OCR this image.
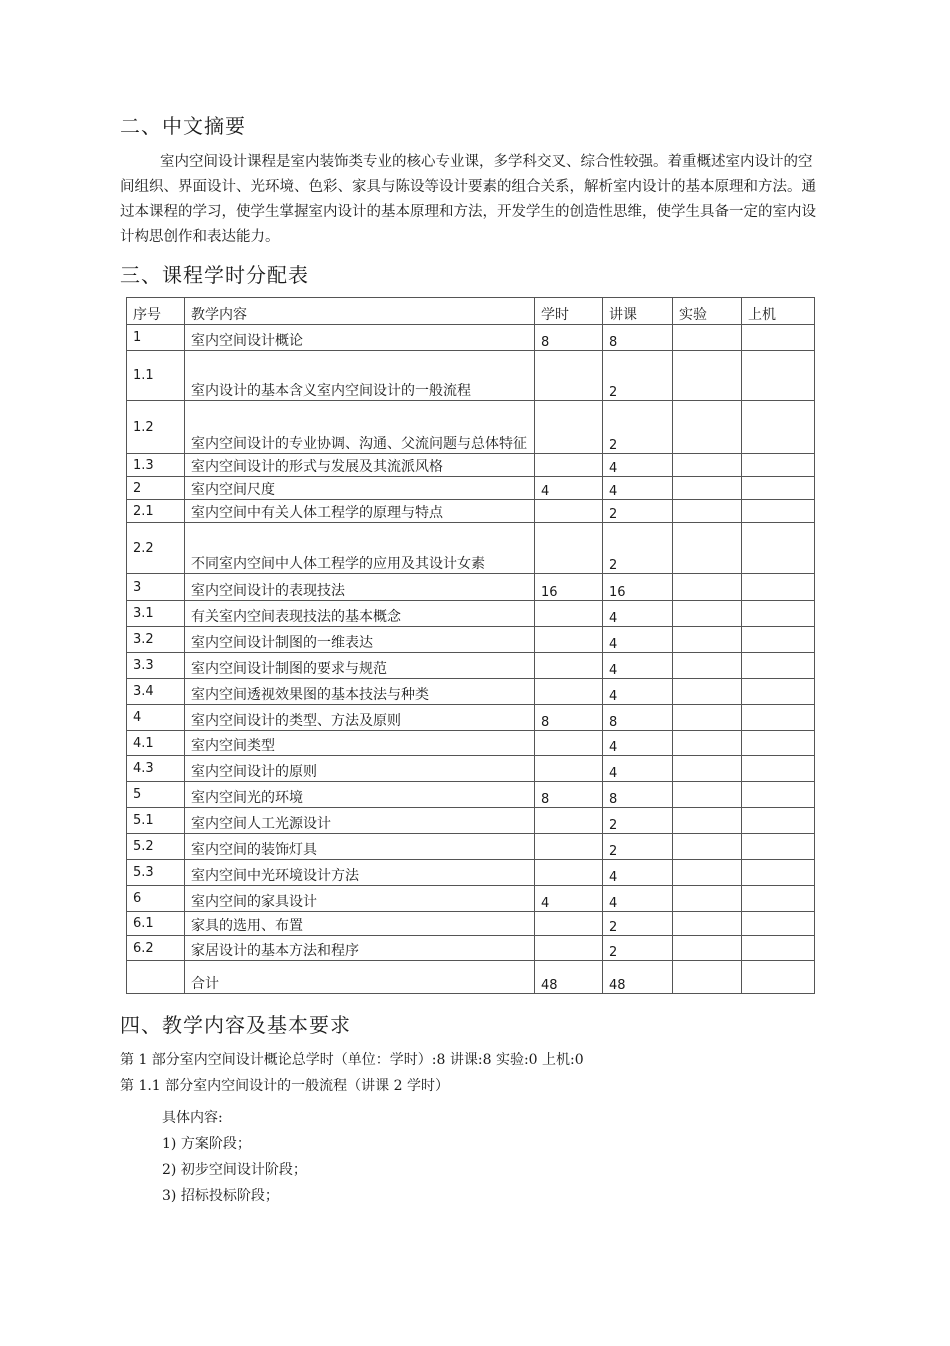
二、中文摘要

室内空间设计课程是室内装饰类专业的核心专业课，多学科交叉、综合性较强。着重概述室内设计的空间组织、界面设计、光环境、色彩、家具与陈设等设计要素的组合关系，解析室内设计的基本原理和方法。通过本课程的学习，使学生掌握室内设计的基本原理和方法，开发学生的创造性思维，使学生具备一定的室内设计构思创作和表达能力。

三、课程学时分配表
序号	教学内容	学时	讲课	实验	上机
1	室内空间设计概论	8	8		
1.1	室内设计的基本含义室内空间设计的一般流程		2		
1.2	室内空间设计的专业协调、沟通、父流问题与总体特征		2		
1.3	室内空间设计的形式与发展及其流派风格		4		
2	室内空间尺度	4	4		
2.1	室内空间中有关人体工程学的原理与特点		2		
2.2	不同室内空间中人体工程学的应用及其设计女素		2		
3	室内空间设计的表现技法	16	16		
3.1	有关室内空间表现技法的基本概念		4		
3.2	室内空间设计制图的一维表达		4		
3.3	室内空间设计制图的要求与规范		4		
3.4	室内空间透视效果图的基本技法与种类		4		
4	室内空间设计的类型、方法及原则	8	8		
4.1	室内空间类型		4		
4.3	室内空间设计的原则		4		
5	室内空间光的环境	8	8		
5.1	室内空间人工光源设计		2		
5.2	室内空间的装饰灯具		2		
5.3	室内空间中光环境设计方法		4		
6	室内空间的家具设计	4	4		
6.1	家具的选用、布置		2		
6.2	家居设计的基本方法和程序		2		
	合计	48	48		
四、教学内容及基本要求
第 1 部分室内空间设计概论总学时（单位：学时）:8 讲课:8 实验:0 上机:0
第 1.1 部分室内空间设计的一般流程（讲课 2 学时）
具体内容:
1) 方案阶段；
2) 初步空间设计阶段；
3) 招标投标阶段；
